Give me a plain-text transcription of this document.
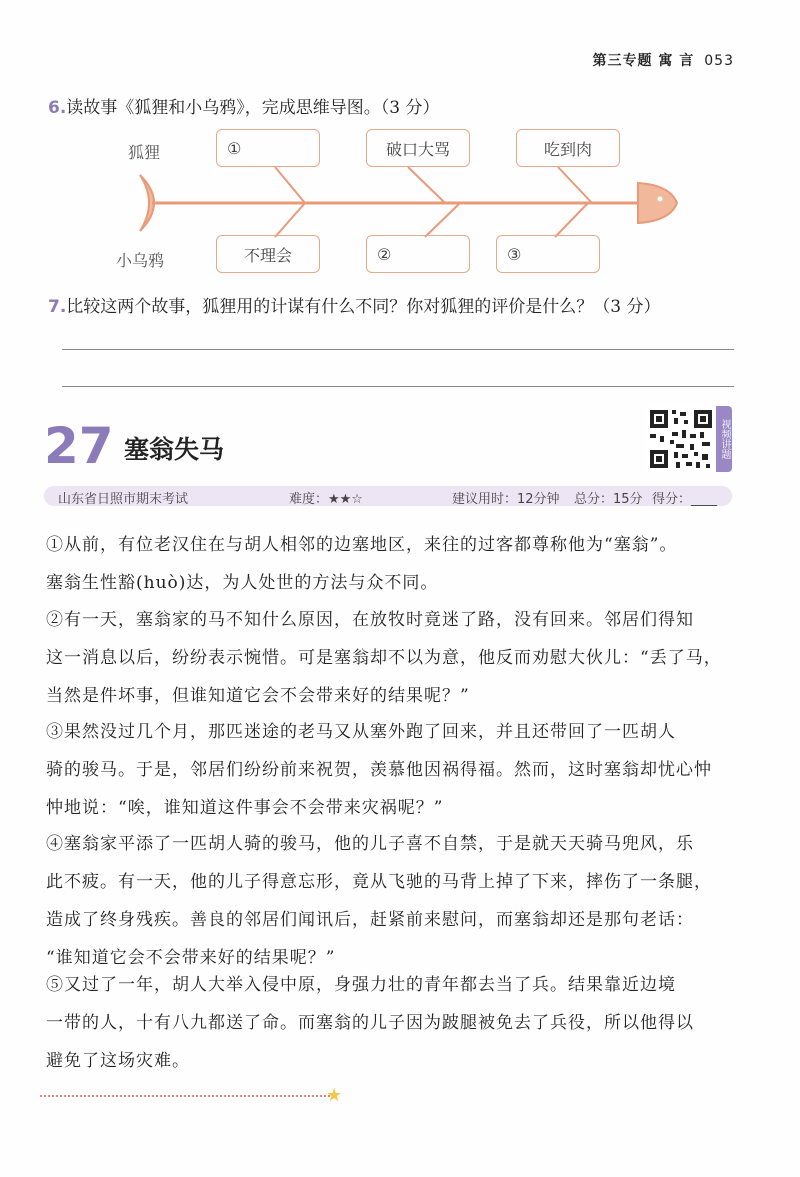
第三专题 寓 言 053
6.读故事《狐狸和小乌鸦》，完成思维导图。（3 分）
狐狸
小乌鸦
①	破口大骂	吃到肉
不理会	②	③
7.比较这两个故事，狐狸用的计谋有什么不同？你对狐狸的评价是什么？（3 分）
27 塞翁失马	视频讲题
山东省日照市期末考试	难度：★★☆	建议用时：12分钟 总分：15分 得分：____
①从前，有位老汉住在与胡人相邻的边塞地区，来往的过客都尊称他为“塞翁”。
塞翁生性豁(huò)达，为人处世的方法与众不同。
②有一天，塞翁家的马不知什么原因，在放牧时竟迷了路，没有回来。邻居们得知
这一消息以后，纷纷表示惋惜。可是塞翁却不以为意，他反而劝慰大伙儿：“丢了马，
当然是件坏事，但谁知道它会不会带来好的结果呢？”
③果然没过几个月，那匹迷途的老马又从塞外跑了回来，并且还带回了一匹胡人
骑的骏马。于是，邻居们纷纷前来祝贺，羡慕他因祸得福。然而，这时塞翁却忧心忡
忡地说：“唉，谁知道这件事会不会带来灾祸呢？”
④塞翁家平添了一匹胡人骑的骏马，他的儿子喜不自禁，于是就天天骑马兜风，乐
此不疲。有一天，他的儿子得意忘形，竟从飞驰的马背上掉了下来，摔伤了一条腿，
造成了终身残疾。善良的邻居们闻讯后，赶紧前来慰问，而塞翁却还是那句老话：
“谁知道它会不会带来好的结果呢？”
⑤又过了一年，胡人大举入侵中原，身强力壮的青年都去当了兵。结果靠近边境
一带的人，十有八九都送了命。而塞翁的儿子因为跛腿被免去了兵役，所以他得以
避免了这场灾难。
★
